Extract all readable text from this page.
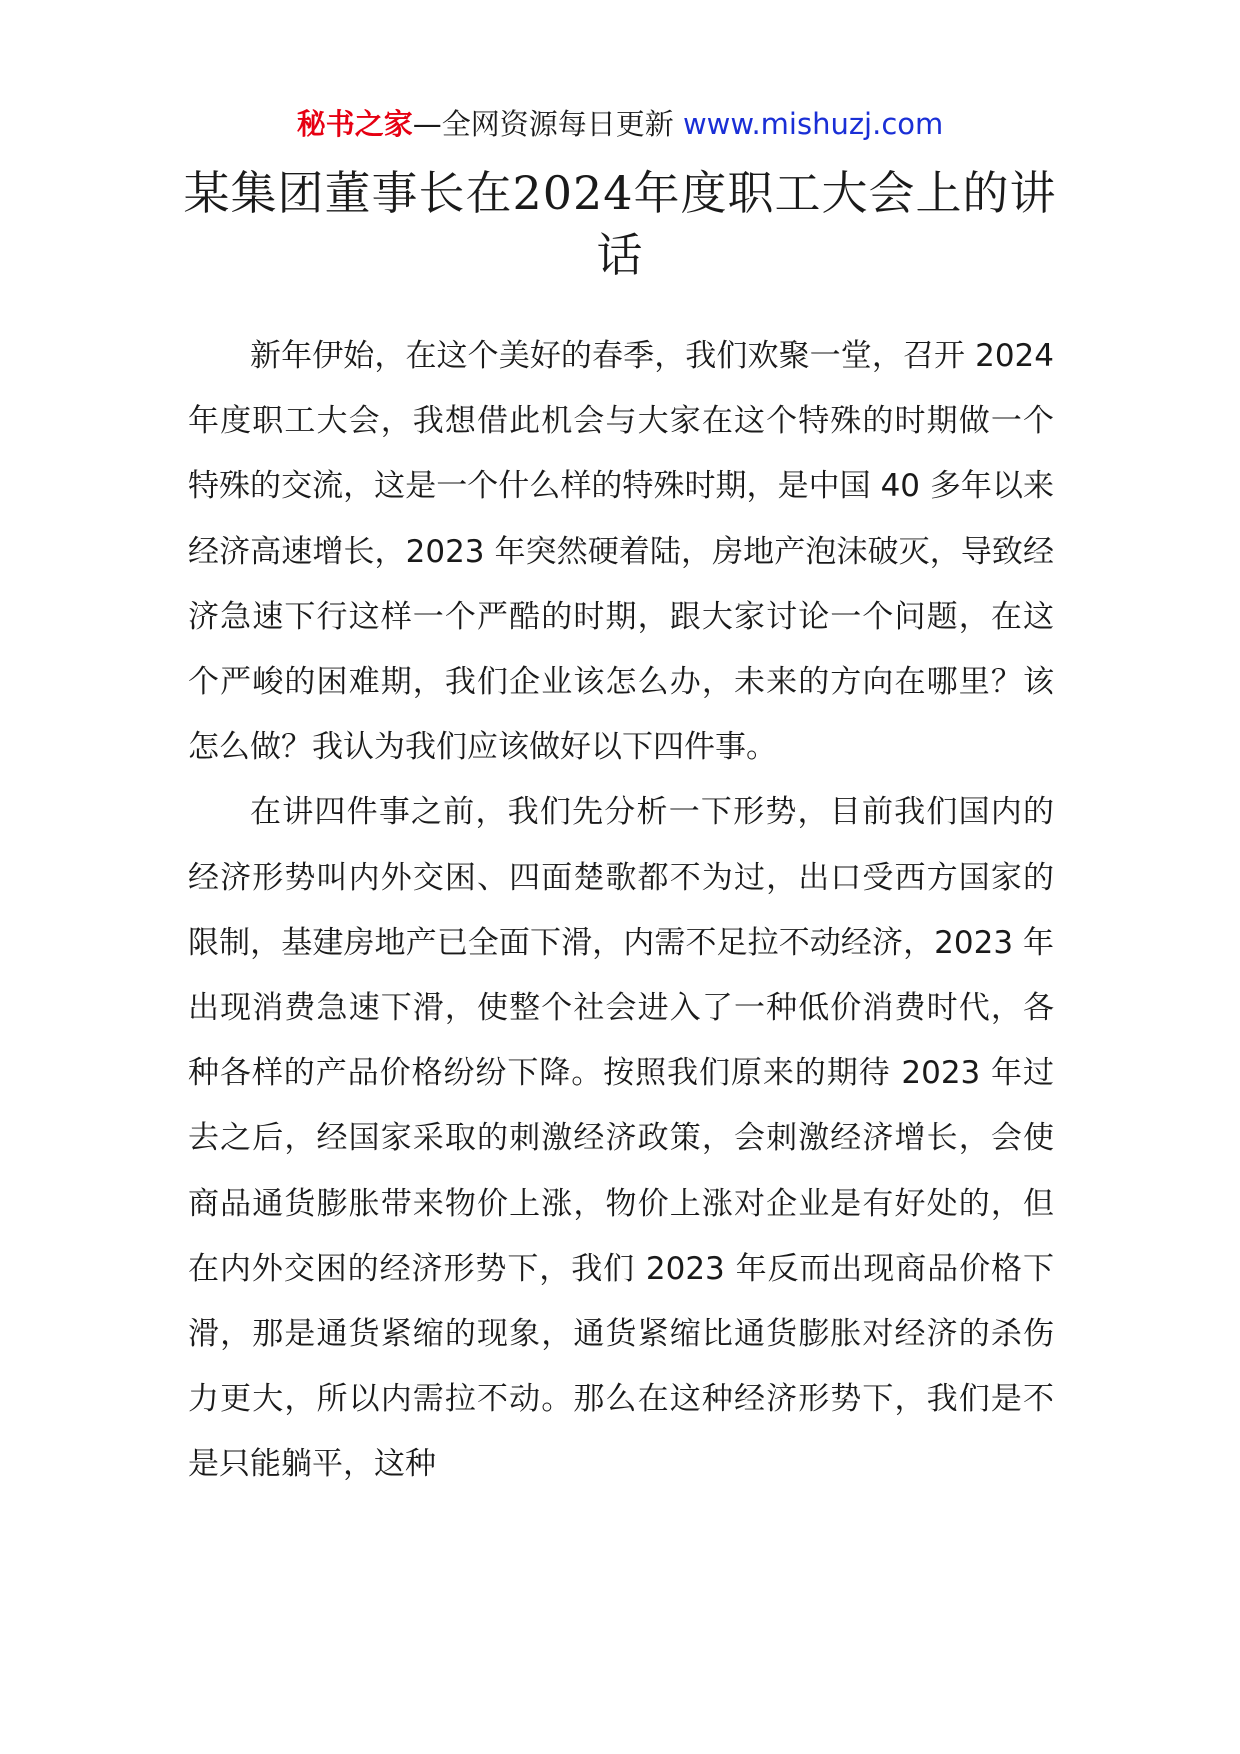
秘书之家—全网资源每日更新 www.mishuzj.com
某集团董事长在2024年度职工大会上的讲话

新年伊始，在这个美好的春季，我们欢聚一堂，召开 2024 年度职工大会，我想借此机会与大家在这个特殊的时期做一个特殊的交流，这是一个什么样的特殊时期，是中国 40 多年以来经济高速增长，2023 年突然硬着陆，房地产泡沫破灭，导致经济急速下行这样一个严酷的时期，跟大家讨论一个问题，在这个严峻的困难期，我们企业该怎么办，未来的方向在哪里？该怎么做？我认为我们应该做好以下四件事。

在讲四件事之前，我们先分析一下形势，目前我们国内的经济形势叫内外交困、四面楚歌都不为过，出口受西方国家的限制，基建房地产已全面下滑，内需不足拉不动经济，2023 年出现消费急速下滑，使整个社会进入了一种低价消费时代，各种各样的产品价格纷纷下降。按照我们原来的期待 2023 年过去之后，经国家采取的刺激经济政策，会刺激经济增长，会使商品通货膨胀带来物价上涨，物价上涨对企业是有好处的，但在内外交困的经济形势下，我们 2023 年反而出现商品价格下滑，那是通货紧缩的现象，通货紧缩比通货膨胀对经济的杀伤力更大，所以内需拉不动。那么在这种经济形势下，我们是不是只能躺平，这种
